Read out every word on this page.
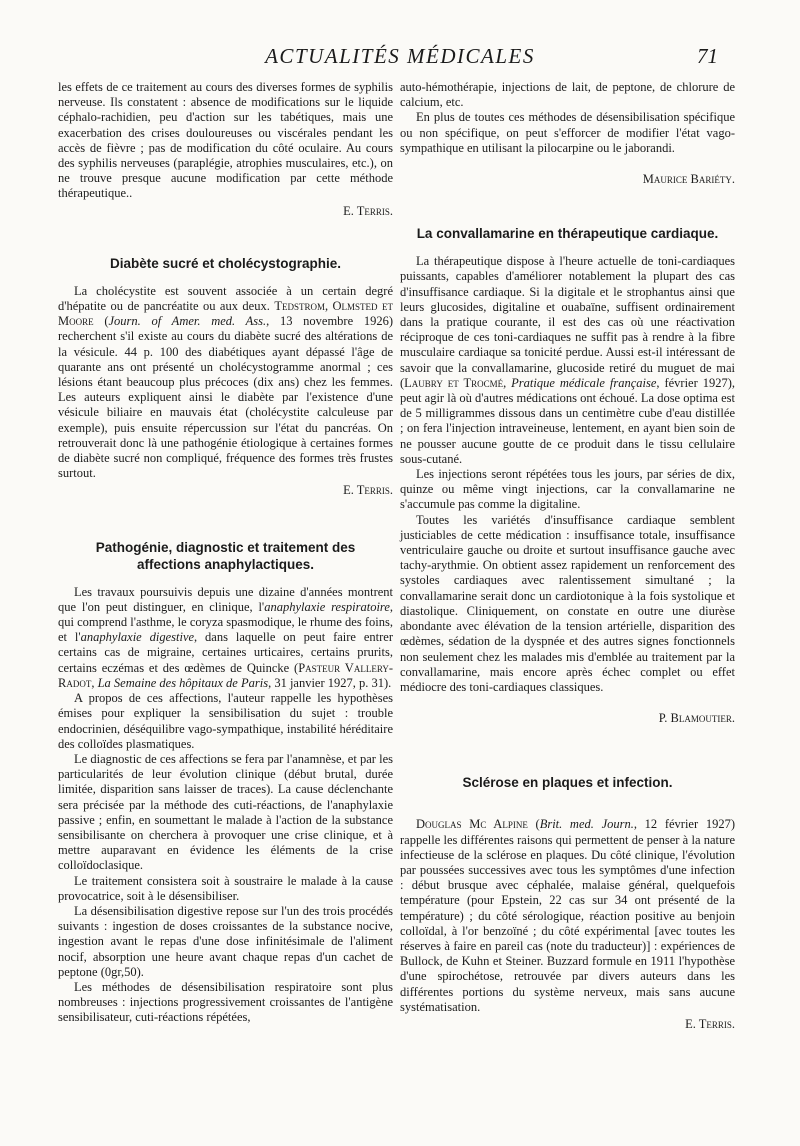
ACTUALITÉS MÉDICALES	71

les effets de ce traitement au cours des diverses formes de syphilis nerveuse. Ils constatent : absence de modifications sur le liquide céphalo-rachidien, peu d'action sur les tabétiques, mais une exacerbation des crises douloureuses ou viscérales pendant les accès de fièvre ; pas de modification du côté oculaire. Au cours des syphilis nerveuses (paraplégie, atrophies musculaires, etc.), on ne trouve presque aucune modification par cette méthode thérapeutique..

E. Terris.
Diabète sucré et cholécystographie.

La cholécystite est souvent associée à un certain degré d'hépatite ou de pancréatite ou aux deux. Tedstrom, Olmsted et Moore (Journ. of Amer. med. Ass., 13 novembre 1926) recherchent s'il existe au cours du diabète sucré des altérations de la vésicule. 44 p. 100 des diabétiques ayant dépassé l'âge de quarante ans ont présenté un cholécystogramme anormal ; ces lésions étant beaucoup plus précoces (dix ans) chez les femmes. Les auteurs expliquent ainsi le diabète par l'existence d'une vésicule biliaire en mauvais état (cholécystite calculeuse par exemple), puis ensuite répercussion sur l'état du pancréas. On retrouverait donc là une pathogénie étiologique à certaines formes de diabète sucré non compliqué, fréquence des formes très frustes surtout.

E. Terris.
Pathogénie, diagnostic et traitement des affections anaphylactiques.

Les travaux poursuivis depuis une dizaine d'années montrent que l'on peut distinguer, en clinique, l'anaphylaxie respiratoire, qui comprend l'asthme, le coryza spasmodique, le rhume des foins, et l'anaphylaxie digestive, dans laquelle on peut faire entrer certains cas de migraine, certaines urticaires, certains prurits, certains eczémas et des œdèmes de Quincke (Pasteur Vallery-Radot, La Semaine des hôpitaux de Paris, 31 janvier 1927, p. 31).

A propos de ces affections, l'auteur rappelle les hypothèses émises pour expliquer la sensibilisation du sujet : trouble endocrinien, déséquilibre vago-sympathique, instabilité héréditaire des colloïdes plasmatiques.

Le diagnostic de ces affections se fera par l'anamnèse, et par les particularités de leur évolution clinique (début brutal, durée limitée, disparition sans laisser de traces). La cause déclenchante sera précisée par la méthode des cuti-réactions, de l'anaphylaxie passive ; enfin, en soumettant le malade à l'action de la substance sensibilisante on cherchera à provoquer une crise clinique, et à mettre auparavant en évidence les éléments de la crise colloïdoclasique.

Le traitement consistera soit à soustraire le malade à la cause provocatrice, soit à le désensibiliser.

La désensibilisation digestive repose sur l'un des trois procédés suivants : ingestion de doses croissantes de la substance nocive, ingestion avant le repas d'une dose infinitésimale de l'aliment nocif, absorption une heure avant chaque repas d'un cachet de peptone (0gr,50).

Les méthodes de désensibilisation respiratoire sont plus nombreuses : injections progressivement croissantes de l'antigène sensibilisateur, cuti-réactions répétées,

auto-hémothérapie, injections de lait, de peptone, de chlorure de calcium, etc.

En plus de toutes ces méthodes de désensibilisation spécifique ou non spécifique, on peut s'efforcer de modifier l'état vago-sympathique en utilisant la pilocarpine ou le jaborandi.

Maurice Bariéty.
La convallamarine en thérapeutique cardiaque.

La thérapeutique dispose à l'heure actuelle de toni-cardiaques puissants, capables d'améliorer notablement la plupart des cas d'insuffisance cardiaque. Si la digitale et le strophantus ainsi que leurs glucosides, digitaline et ouabaïne, suffisent ordinairement dans la pratique courante, il est des cas où une réactivation réciproque de ces toni-cardiaques ne suffit pas à rendre à la fibre musculaire cardiaque sa tonicité perdue. Aussi est-il intéressant de savoir que la convallamarine, glucoside retiré du muguet de mai (Laubry et Trocmé, Pratique médicale française, février 1927), peut agir là où d'autres médications ont échoué. La dose optima est de 5 milligrammes dissous dans un centimètre cube d'eau distillée ; on fera l'injection intraveineuse, lentement, en ayant bien soin de ne pousser aucune goutte de ce produit dans le tissu cellulaire sous-cutané.

Les injections seront répétées tous les jours, par séries de dix, quinze ou même vingt injections, car la convallamarine ne s'accumule pas comme la digitaline.

Toutes les variétés d'insuffisance cardiaque semblent justiciables de cette médication : insuffisance totale, insuffisance ventriculaire gauche ou droite et surtout insuffisance gauche avec tachy-arythmie. On obtient assez rapidement un renforcement des systoles cardiaques avec ralentissement simultané ; la convallamarine serait donc un cardiotonique à la fois systolique et diastolique. Cliniquement, on constate en outre une diurèse abondante avec élévation de la tension artérielle, disparition des œdèmes, sédation de la dyspnée et des autres signes fonctionnels non seulement chez les malades mis d'emblée au traitement par la convallamarine, mais encore après échec complet ou effet médiocre des toni-cardiaques classiques.

P. Blamoutier.
Sclérose en plaques et infection.

Douglas Mc Alpine (Brit. med. Journ., 12 février 1927) rappelle les différentes raisons qui permettent de penser à la nature infectieuse de la sclérose en plaques. Du côté clinique, l'évolution par poussées successives avec tous les symptômes d'une infection : début brusque avec céphalée, malaise général, quelquefois température (pour Epstein, 22 cas sur 34 ont présenté de la température) ; du côté sérologique, réaction positive au benjoin colloïdal, à l'or benzoïné ; du côté expérimental [avec toutes les réserves à faire en pareil cas (note du traducteur)] : expériences de Bullock, de Kuhn et Steiner. Buzzard formule en 1911 l'hypothèse d'une spirochétose, retrouvée par divers auteurs dans les différentes portions du système nerveux, mais sans aucune systématisation.

E. Terris.
